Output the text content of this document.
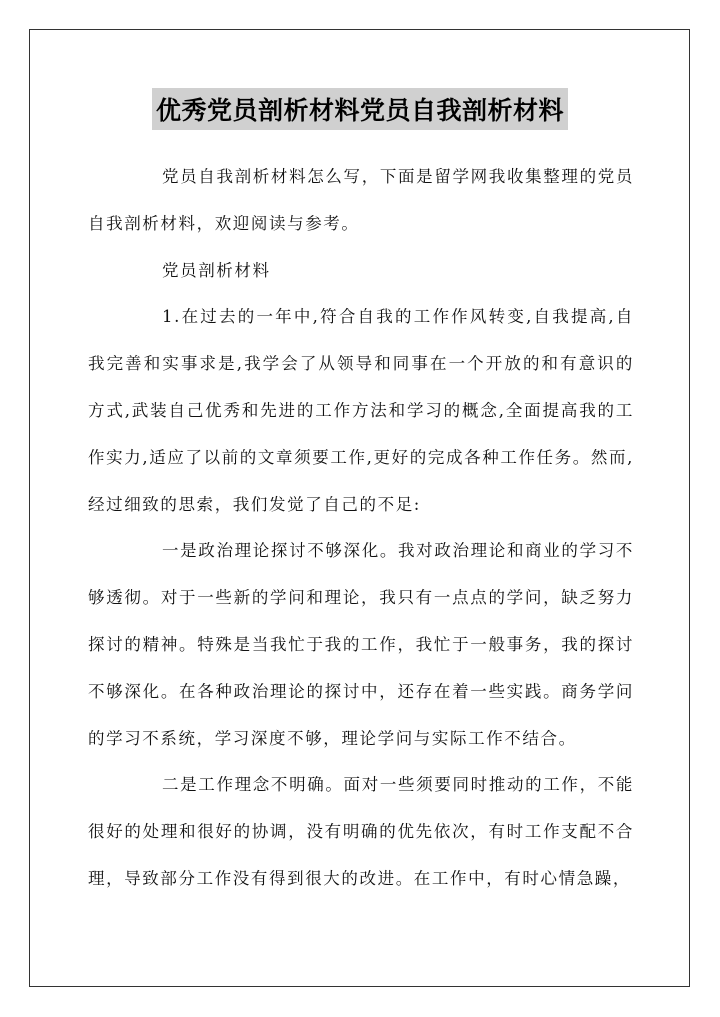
优秀党员剖析材料党员自我剖析材料

党员自我剖析材料怎么写，下面是留学网我收集整理的党员自我剖析材料，欢迎阅读与参考。

党员剖析材料

1.在过去的一年中,符合自我的工作作风转变,自我提高,自我完善和实事求是,我学会了从领导和同事在一个开放的和有意识的方式,武装自己优秀和先进的工作方法和学习的概念,全面提高我的工作实力,适应了以前的文章须要工作,更好的完成各种工作任务。然而,经过细致的思索，我们发觉了自己的不足:

一是政治理论探讨不够深化。我对政治理论和商业的学习不够透彻。对于一些新的学问和理论，我只有一点点的学问，缺乏努力探讨的精神。特殊是当我忙于我的工作，我忙于一般事务，我的探讨不够深化。在各种政治理论的探讨中，还存在着一些实践。商务学问的学习不系统，学习深度不够，理论学问与实际工作不结合。

二是工作理念不明确。面对一些须要同时推动的工作，不能很好的处理和很好的协调，没有明确的优先依次，有时工作支配不合理，导致部分工作没有得到很大的改进。在工作中，有时心情急躁，
